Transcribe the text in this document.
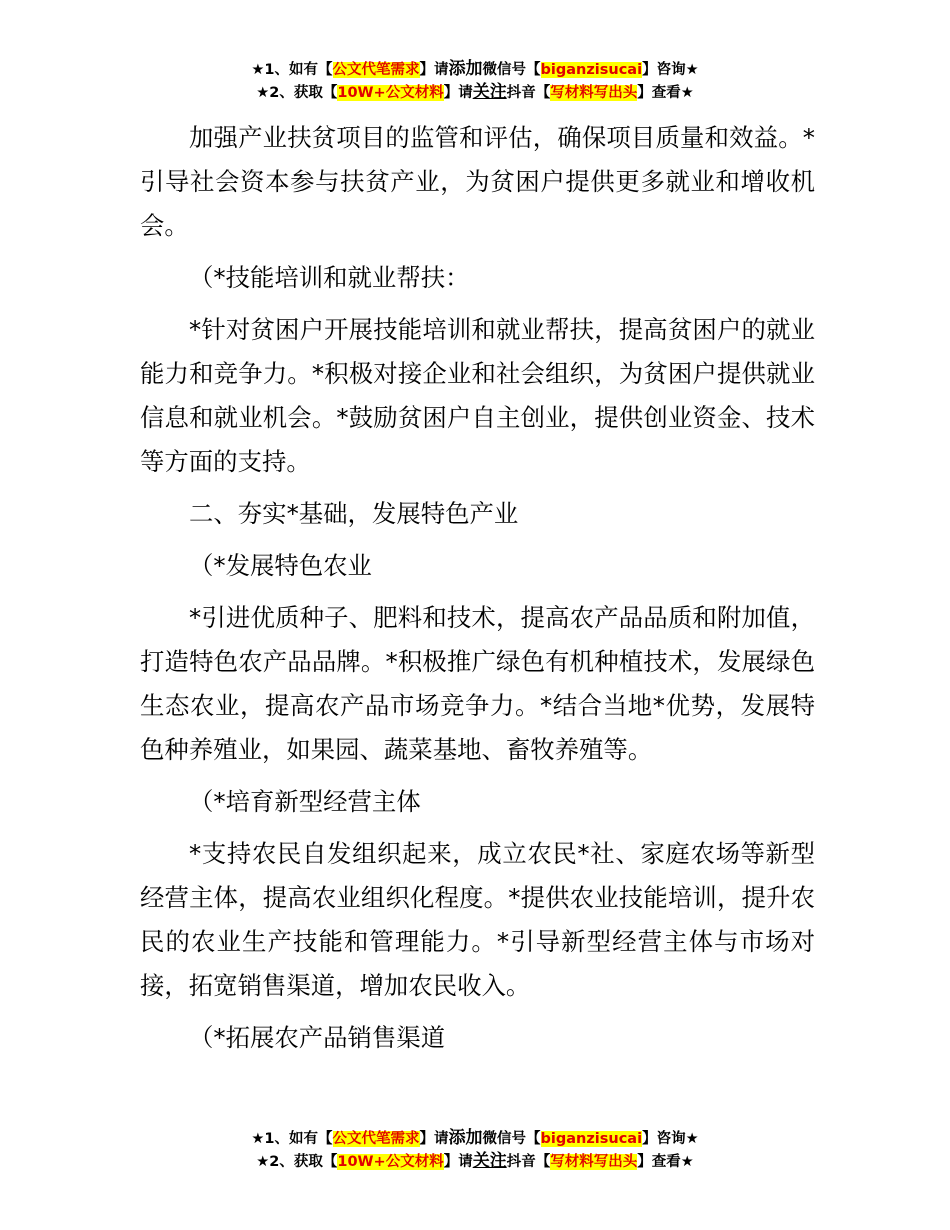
★1、如有【公文代笔需求】请添加微信号【biganzisucai】咨询★
★2、获取【10W+公文材料】请关注抖音【写材料写出头】查看★

加强产业扶贫项目的监管和评估，确保项目质量和效益。*引导社会资本参与扶贫产业，为贫困户提供更多就业和增收机会。

（*技能培训和就业帮扶：

*针对贫困户开展技能培训和就业帮扶，提高贫困户的就业能力和竞争力。*积极对接企业和社会组织，为贫困户提供就业信息和就业机会。*鼓励贫困户自主创业，提供创业资金、技术等方面的支持。

二、夯实*基础，发展特色产业

（*发展特色农业

*引进优质种子、肥料和技术，提高农产品品质和附加值，打造特色农产品品牌。*积极推广绿色有机种植技术，发展绿色生态农业，提高农产品市场竞争力。*结合当地*优势，发展特色种养殖业，如果园、蔬菜基地、畜牧养殖等。

（*培育新型经营主体

*支持农民自发组织起来，成立农民*社、家庭农场等新型经营主体，提高农业组织化程度。*提供农业技能培训，提升农民的农业生产技能和管理能力。*引导新型经营主体与市场对接，拓宽销售渠道，增加农民收入。

（*拓展农产品销售渠道

★1、如有【公文代笔需求】请添加微信号【biganzisucai】咨询★
★2、获取【10W+公文材料】请关注抖音【写材料写出头】查看★
